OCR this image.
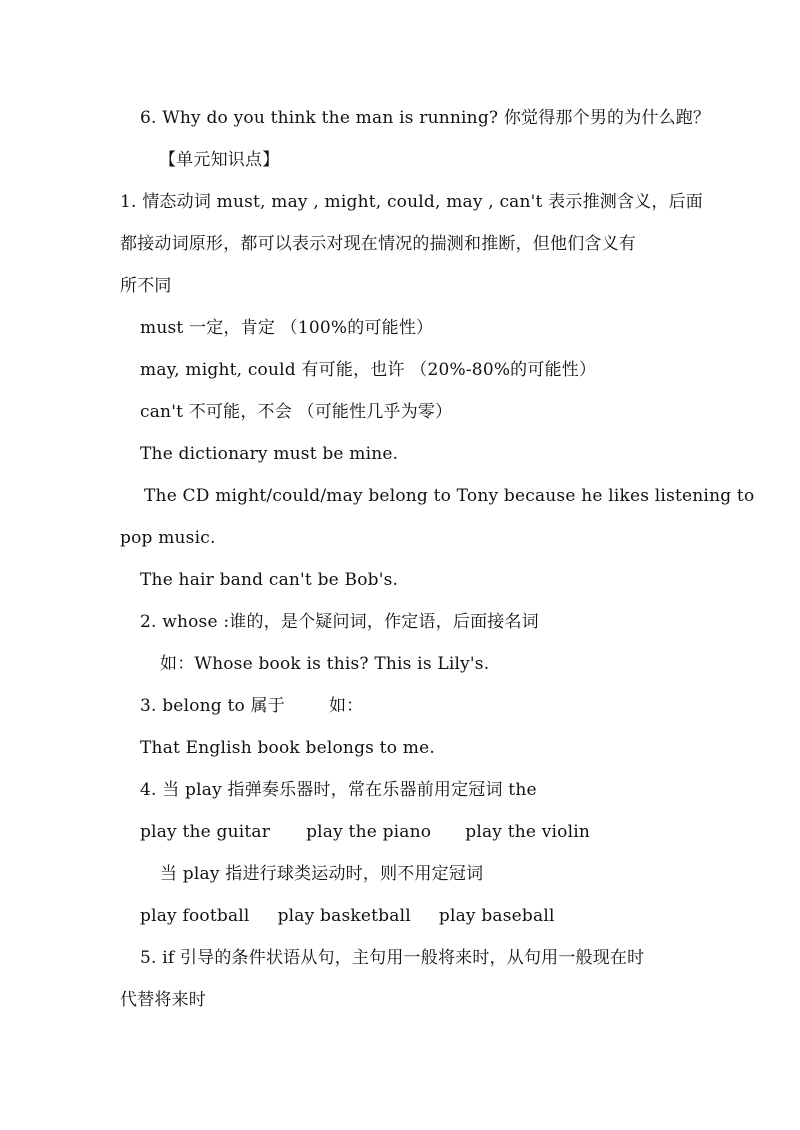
6. Why do you think the man is running? 你觉得那个男的为什么跑？
【单元知识点】
1. 情态动词 must, may , might, could, may , can't 表示推测含义，后面
都接动词原形，都可以表示对现在情况的揣测和推断，但他们含义有
所不同
must 一定，肯定 （100%的可能性）
may, might, could 有可能，也许 （20%-80%的可能性）
can't 不可能，不会 （可能性几乎为零）
The dictionary must be mine.
The CD might/could/may belong to Tony because he likes listening to
pop music.
The hair band can't be Bob's.
2. whose :谁的，是个疑问词，作定语，后面接名词
如：Whose book is this? This is Lily's.
3. belong to 属于	如：
That English book belongs to me.
4. 当 play 指弹奏乐器时，常在乐器前用定冠词 the
play the guitar play the piano play the violin
当 play 指进行球类运动时，则不用定冠词
play football play basketball play baseball
5. if 引导的条件状语从句，主句用一般将来时，从句用一般现在时
代替将来时
